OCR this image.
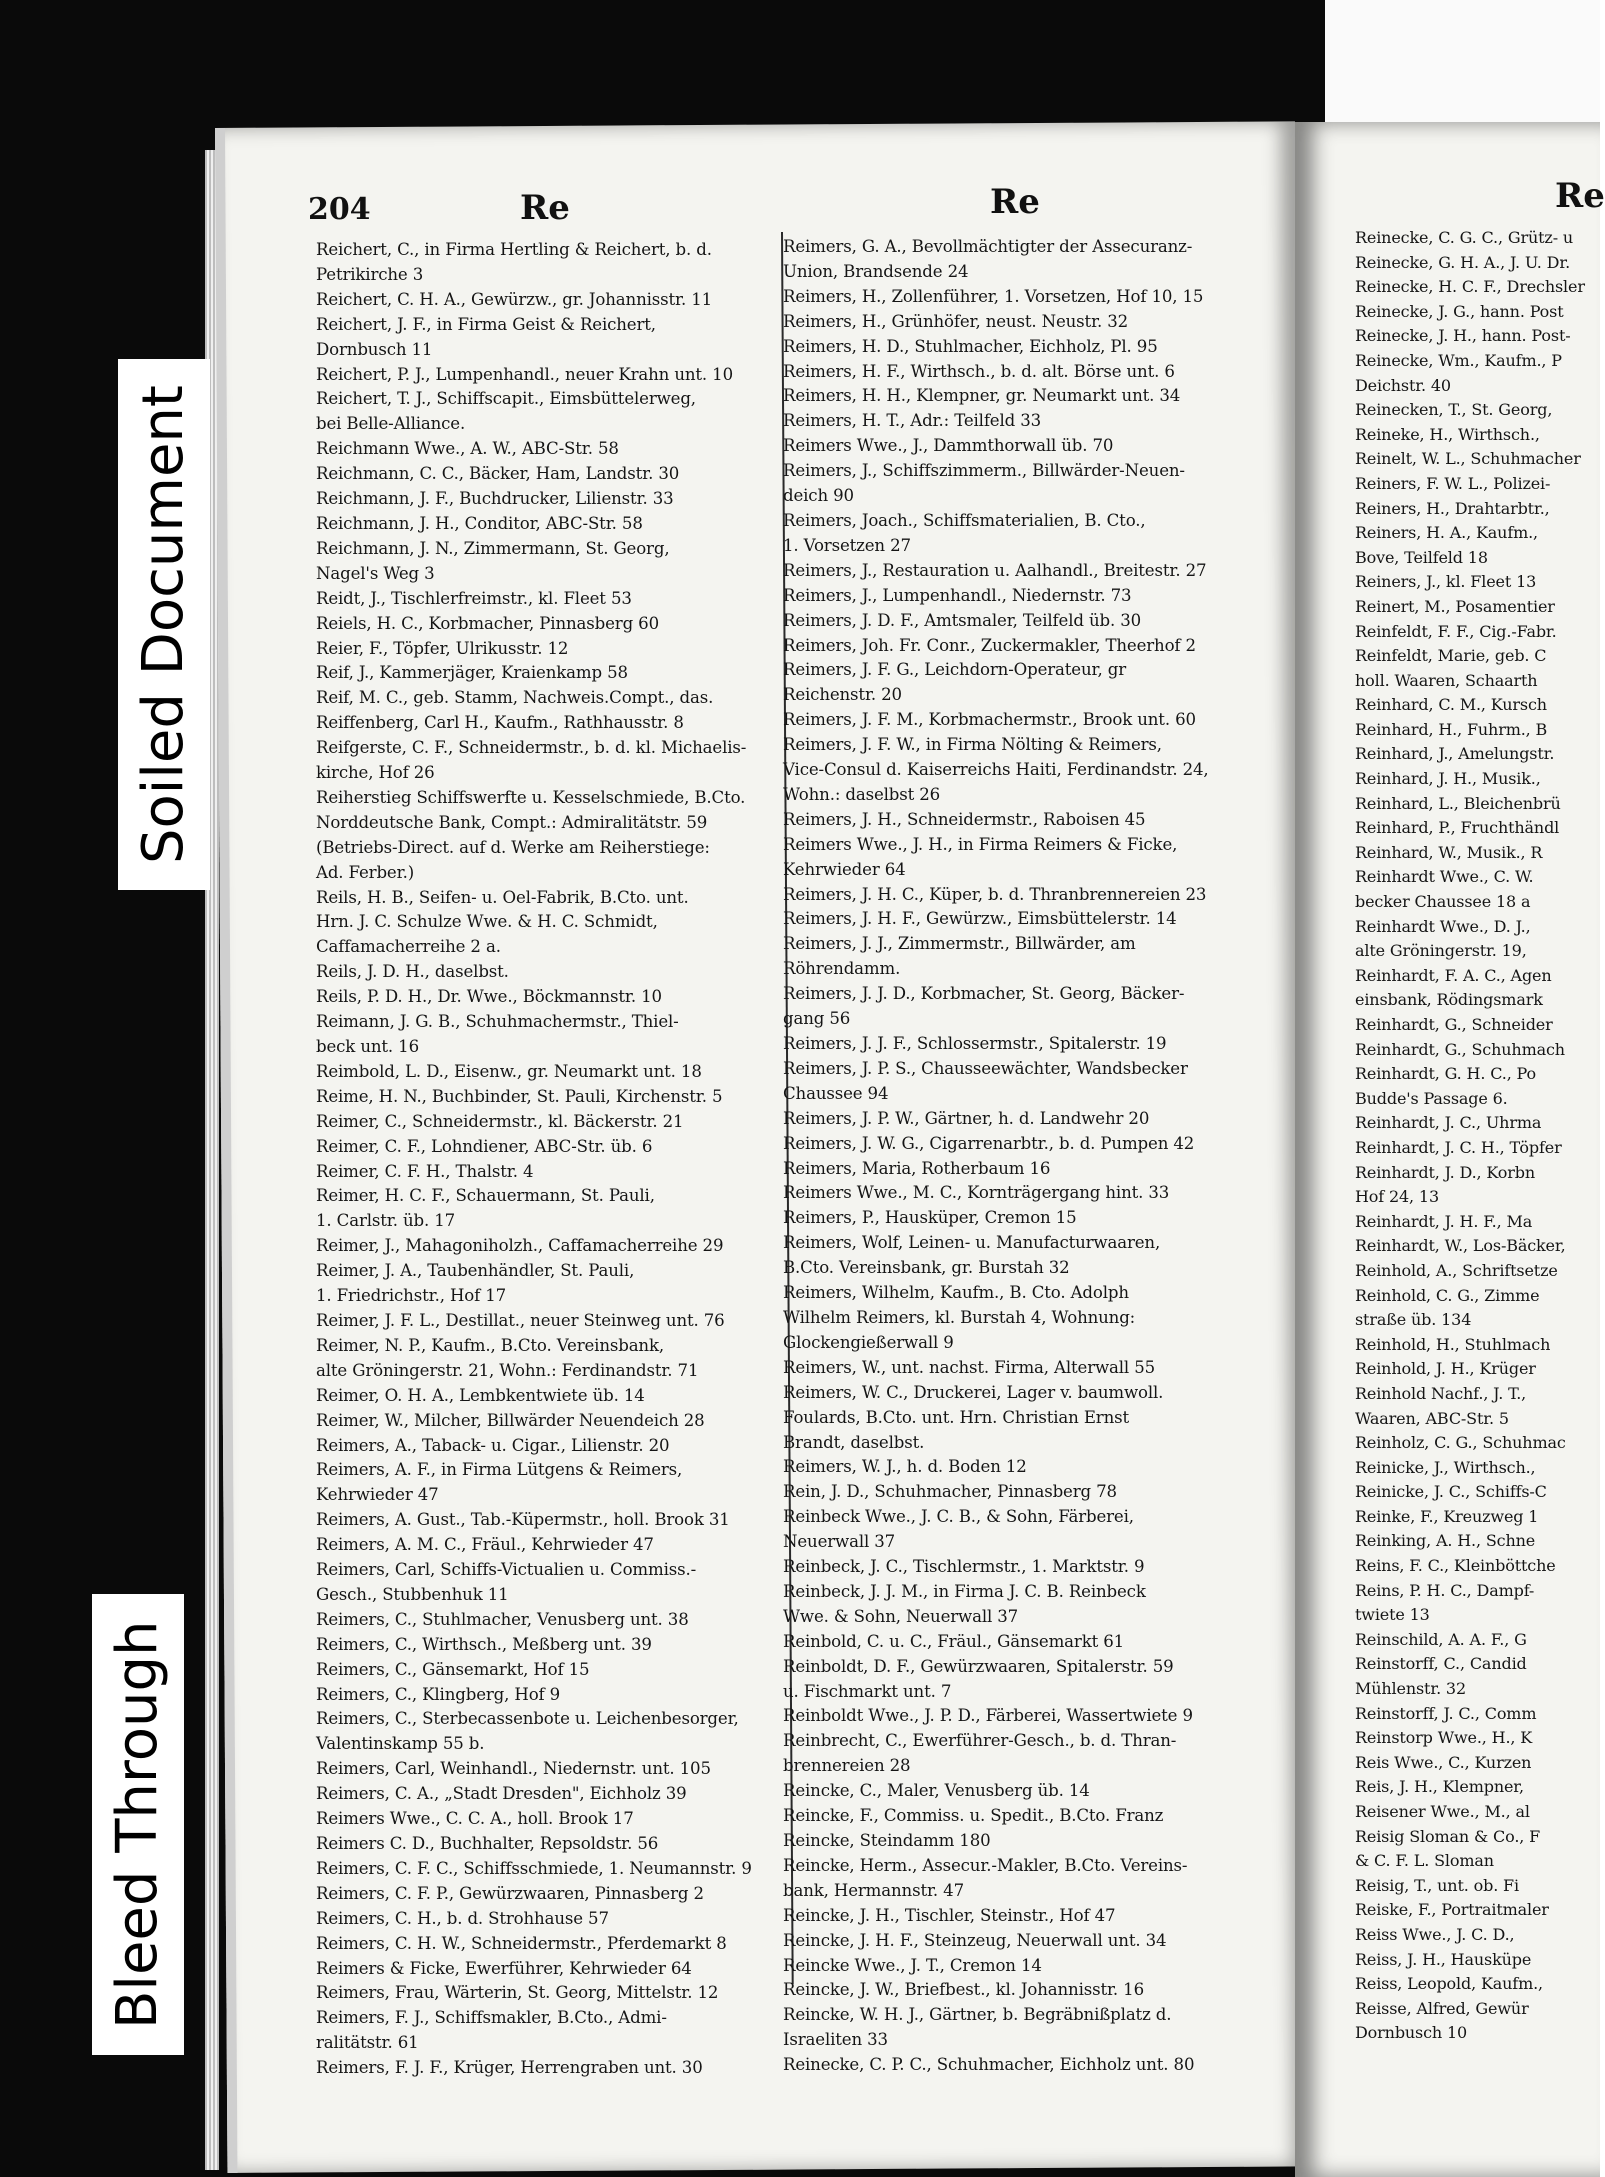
204	Re	Re	Re
Reichert, C., in Firma Hertling & Reichert, b. d.
Petrikirche 3
Reichert, C. H. A., Gewürzw., gr. Johannisstr. 11
Reichert, J. F., in Firma Geist & Reichert,
Dornbusch 11
Reichert, P. J., Lumpenhandl., neuer Krahn unt. 10
Reichert, T. J., Schiffscapit., Eimsbüttelerweg,
bei Belle-Alliance.
Reichmann Wwe., A. W., ABC-Str. 58
Reichmann, C. C., Bäcker, Ham, Landstr. 30
Reichmann, J. F., Buchdrucker, Lilienstr. 33
Reichmann, J. H., Conditor, ABC-Str. 58
Reichmann, J. N., Zimmermann, St. Georg,
Nagel's Weg 3
Reidt, J., Tischlerfreimstr., kl. Fleet 53
Reiels, H. C., Korbmacher, Pinnasberg 60
Reier, F., Töpfer, Ulrikusstr. 12
Reif, J., Kammerjäger, Kraienkamp 58
Reif, M. C., geb. Stamm, Nachweis.Compt., das.
Reiffenberg, Carl H., Kaufm., Rathhausstr. 8
Reifgerste, C. F., Schneidermstr., b. d. kl. Michaelis-
kirche, Hof 26
Reiherstieg Schiffswerfte u. Kesselschmiede, B.Cto.
Norddeutsche Bank, Compt.: Admiralitätstr. 59
(Betriebs-Direct. auf d. Werke am Reiherstiege:
Ad. Ferber.)
Reils, H. B., Seifen- u. Oel-Fabrik, B.Cto. unt.
Hrn. J. C. Schulze Wwe. & H. C. Schmidt,
Caffamacherreihe 2 a.
Reils, J. D. H., daselbst.
Reils, P. D. H., Dr. Wwe., Böckmannstr. 10
Reimann, J. G. B., Schuhmachermstr., Thiel-
beck unt. 16
Reimbold, L. D., Eisenw., gr. Neumarkt unt. 18
Reime, H. N., Buchbinder, St. Pauli, Kirchenstr. 5
Reimer, C., Schneidermstr., kl. Bäckerstr. 21
Reimer, C. F., Lohndiener, ABC-Str. üb. 6
Reimer, C. F. H., Thalstr. 4
Reimer, H. C. F., Schauermann, St. Pauli,
1. Carlstr. üb. 17
Reimer, J., Mahagoniholzh., Caffamacherreihe 29
Reimer, J. A., Taubenhändler, St. Pauli,
1. Friedrichstr., Hof 17
Reimer, J. F. L., Destillat., neuer Steinweg unt. 76
Reimer, N. P., Kaufm., B.Cto. Vereinsbank,
alte Gröningerstr. 21, Wohn.: Ferdinandstr. 71
Reimer, O. H. A., Lembkentwiete üb. 14
Reimer, W., Milcher, Billwärder Neuendeich 28
Reimers, A., Taback- u. Cigar., Lilienstr. 20
Reimers, A. F., in Firma Lütgens & Reimers,
Kehrwieder 47
Reimers, A. Gust., Tab.-Küpermstr., holl. Brook 31
Reimers, A. M. C., Fräul., Kehrwieder 47
Reimers, Carl, Schiffs-Victualien u. Commiss.-
Gesch., Stubbenhuk 11
Reimers, C., Stuhlmacher, Venusberg unt. 38
Reimers, C., Wirthsch., Meßberg unt. 39
Reimers, C., Gänsemarkt, Hof 15
Reimers, C., Klingberg, Hof 9
Reimers, C., Sterbecassenbote u. Leichenbesorger,
Valentinskamp 55 b.
Reimers, Carl, Weinhandl., Niedernstr. unt. 105
Reimers, C. A., „Stadt Dresden", Eichholz 39
Reimers Wwe., C. C. A., holl. Brook 17
Reimers C. D., Buchhalter, Repsoldstr. 56
Reimers, C. F. C., Schiffsschmiede, 1. Neumannstr. 9
Reimers, C. F. P., Gewürzwaaren, Pinnasberg 2
Reimers, C. H., b. d. Strohhause 57
Reimers, C. H. W., Schneidermstr., Pferdemarkt 8
Reimers & Ficke, Ewerführer, Kehrwieder 64
Reimers, Frau, Wärterin, St. Georg, Mittelstr. 12
Reimers, F. J., Schiffsmakler, B.Cto., Admi-
ralitätstr. 61
Reimers, F. J. F., Krüger, Herrengraben unt. 30
Reimers, G. A., Bevollmächtigter der Assecuranz-
Union, Brandsende 24
Reimers, H., Zollenführer, 1. Vorsetzen, Hof 10, 15
Reimers, H., Grünhöfer, neust. Neustr. 32
Reimers, H. D., Stuhlmacher, Eichholz, Pl. 95
Reimers, H. F., Wirthsch., b. d. alt. Börse unt. 6
Reimers, H. H., Klempner, gr. Neumarkt unt. 34
Reimers, H. T., Adr.: Teilfeld 33
Reimers Wwe., J., Dammthorwall üb. 70
Reimers, J., Schiffszimmerm., Billwärder-Neuen-
deich 90
Reimers, Joach., Schiffsmaterialien, B. Cto.,
1. Vorsetzen 27
Reimers, J., Restauration u. Aalhandl., Breitestr. 27
Reimers, J., Lumpenhandl., Niedernstr. 73
Reimers, J. D. F., Amtsmaler, Teilfeld üb. 30
Reimers, Joh. Fr. Conr., Zuckermakler, Theerhof 2
Reimers, J. F. G., Leichdorn-Operateur, gr
Reichenstr. 20
Reimers, J. F. M., Korbmachermstr., Brook unt. 60
Reimers, J. F. W., in Firma Nölting & Reimers,
Vice-Consul d. Kaiserreichs Haiti, Ferdinandstr. 24,
Wohn.: daselbst 26
Reimers, J. H., Schneidermstr., Raboisen 45
Reimers Wwe., J. H., in Firma Reimers & Ficke,
Kehrwieder 64
Reimers, J. H. C., Küper, b. d. Thranbrennereien 23
Reimers, J. H. F., Gewürzw., Eimsbüttelerstr. 14
Reimers, J. J., Zimmermstr., Billwärder, am
Röhrendamm.
Reimers, J. J. D., Korbmacher, St. Georg, Bäcker-
gang 56
Reimers, J. J. F., Schlossermstr., Spitalerstr. 19
Reimers, J. P. S., Chausseewächter, Wandsbecker
Chaussee 94
Reimers, J. P. W., Gärtner, h. d. Landwehr 20
Reimers, J. W. G., Cigarrenarbtr., b. d. Pumpen 42
Reimers, Maria, Rotherbaum 16
Reimers Wwe., M. C., Kornträgergang hint. 33
Reimers, P., Hausküper, Cremon 15
Reimers, Wolf, Leinen- u. Manufacturwaaren,
B.Cto. Vereinsbank, gr. Burstah 32
Reimers, Wilhelm, Kaufm., B. Cto. Adolph
Wilhelm Reimers, kl. Burstah 4, Wohnung:
Glockengießerwall 9
Reimers, W., unt. nachst. Firma, Alterwall 55
Reimers, W. C., Druckerei, Lager v. baumwoll.
Foulards, B.Cto. unt. Hrn. Christian Ernst
Brandt, daselbst.
Reimers, W. J., h. d. Boden 12
Rein, J. D., Schuhmacher, Pinnasberg 78
Reinbeck Wwe., J. C. B., & Sohn, Färberei,
Neuerwall 37
Reinbeck, J. C., Tischlermstr., 1. Marktstr. 9
Reinbeck, J. J. M., in Firma J. C. B. Reinbeck
Wwe. & Sohn, Neuerwall 37
Reinbold, C. u. C., Fräul., Gänsemarkt 61
Reinboldt, D. F., Gewürzwaaren, Spitalerstr. 59
u. Fischmarkt unt. 7
Reinboldt Wwe., J. P. D., Färberei, Wassertwiete 9
Reinbrecht, C., Ewerführer-Gesch., b. d. Thran-
brennereien 28
Reincke, C., Maler, Venusberg üb. 14
Reincke, F., Commiss. u. Spedit., B.Cto. Franz
Reincke, Steindamm 180
Reincke, Herm., Assecur.-Makler, B.Cto. Vereins-
bank, Hermannstr. 47
Reincke, J. H., Tischler, Steinstr., Hof 47
Reincke, J. H. F., Steinzeug, Neuerwall unt. 34
Reincke Wwe., J. T., Cremon 14
Reincke, J. W., Briefbest., kl. Johannisstr. 16
Reincke, W. H. J., Gärtner, b. Begräbnißplatz d.
Israeliten 33
Reinecke, C. P. C., Schuhmacher, Eichholz unt. 80
Reinecke, C. G. C., Grütz- u
Reinecke, G. H. A., J. U. Dr.
Reinecke, H. C. F., Drechsler
Reinecke, J. G., hann. Post
Reinecke, J. H., hann. Post-
Reinecke, Wm., Kaufm., P
Deichstr. 40
Reinecken, T., St. Georg,
Reineke, H., Wirthsch.,
Reinelt, W. L., Schuhmacher
Reiners, F. W. L., Polizei-
Reiners, H., Drahtarbtr.,
Reiners, H. A., Kaufm.,
Bove, Teilfeld 18
Reiners, J., kl. Fleet 13
Reinert, M., Posamentier
Reinfeldt, F. F., Cig.-Fabr.
Reinfeldt, Marie, geb. C
holl. Waaren, Schaarth
Reinhard, C. M., Kursch
Reinhard, H., Fuhrm., B
Reinhard, J., Amelungstr.
Reinhard, J. H., Musik.,
Reinhard, L., Bleichenbrü
Reinhard, P., Fruchthändl
Reinhard, W., Musik., R
Reinhardt Wwe., C. W.
becker Chaussee 18 a
Reinhardt Wwe., D. J.,
alte Gröningerstr. 19,
Reinhardt, F. A. C., Agen
einsbank, Rödingsmark
Reinhardt, G., Schneider
Reinhardt, G., Schuhmach
Reinhardt, G. H. C., Po
Budde's Passage 6.
Reinhardt, J. C., Uhrma
Reinhardt, J. C. H., Töpfer
Reinhardt, J. D., Korbn
Hof 24, 13
Reinhardt, J. H. F., Ma
Reinhardt, W., Los-Bäcker,
Reinhold, A., Schriftsetze
Reinhold, C. G., Zimme
straße üb. 134
Reinhold, H., Stuhlmach
Reinhold, J. H., Krüger
Reinhold Nachf., J. T.,
Waaren, ABC-Str. 5
Reinholz, C. G., Schuhmac
Reinicke, J., Wirthsch.,
Reinicke, J. C., Schiffs-C
Reinke, F., Kreuzweg 1
Reinking, A. H., Schne
Reins, F. C., Kleinböttche
Reins, P. H. C., Dampf-
twiete 13
Reinschild, A. A. F., G
Reinstorff, C., Candid
Mühlenstr. 32
Reinstorff, J. C., Comm
Reinstorp Wwe., H., K
Reis Wwe., C., Kurzen
Reis, J. H., Klempner,
Reisener Wwe., M., al
Reisig Sloman & Co., F
& C. F. L. Sloman
Reisig, T., unt. ob. Fi
Reiske, F., Portraitmaler
Reiss Wwe., J. C. D.,
Reiss, J. H., Hausküpe
Reiss, Leopold, Kaufm.,
Reisse, Alfred, Gewür
Dornbusch 10
Soiled Document
Bleed Through
